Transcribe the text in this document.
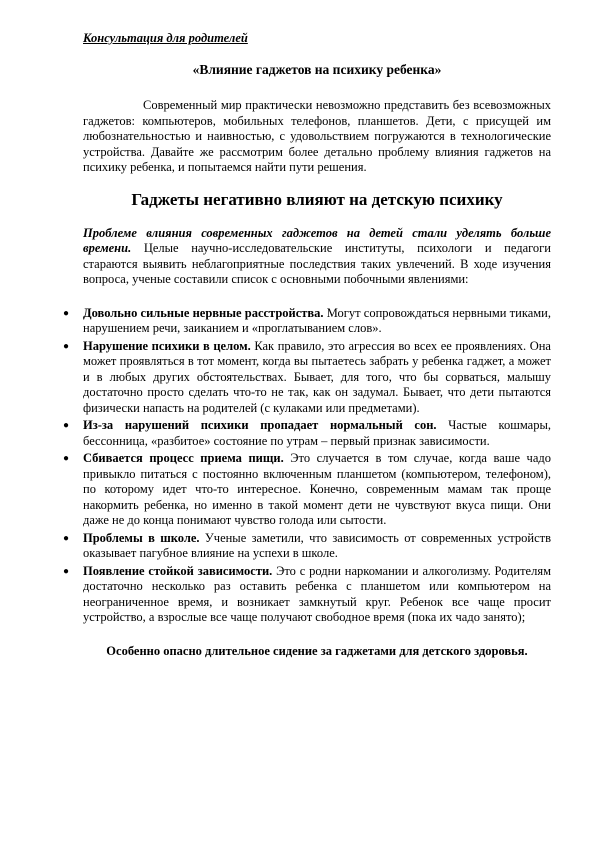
Консультация для родителей
«Влияние гаджетов на психику ребенка»

Современный мир практически невозможно представить без всевозможных гаджетов: компьютеров, мобильных телефонов, планшетов. Дети, с присущей им любознательностью и наивностью, с удовольствием погружаются в технологические устройства. Давайте же рассмотрим более детально проблему влияния гаджетов на психику ребенка, и попытаемся найти пути решения.

Гаджеты негативно влияют на детскую психику

Проблеме влияния современных гаджетов на детей стали уделять больше времени. Целые научно-исследовательские институты, психологи и педагоги стараются выявить неблагоприятные последствия таких увлечений. В ходе изучения вопроса, ученые составили список с основными побочными явлениями:

● Довольно сильные нервные расстройства. Могут сопровождаться нервными тиками, нарушением речи, заиканием и «проглатыванием слов».
● Нарушение психики в целом. Как правило, это агрессия во всех ее проявлениях. Она может проявляться в тот момент, когда вы пытаетесь забрать у ребенка гаджет, а может и в любых других обстоятельствах. Бывает, для того, что бы сорваться, малышу достаточно просто сделать что-то не так, как он задумал. Бывает, что дети пытаются физически напасть на родителей (с кулаками или предметами).
● Из-за нарушений психики пропадает нормальный сон. Частые кошмары, бессонница, «разбитое» состояние по утрам – первый признак зависимости.
● Сбивается процесс приема пищи. Это случается в том случае, когда ваше чадо привыкло питаться с постоянно включенным планшетом (компьютером, телефоном), по которому идет что-то интересное. Конечно, современным мамам так проще накормить ребенка, но именно в такой момент дети не чувствуют вкуса пищи. Они даже не до конца понимают чувство голода или сытости.
● Проблемы в школе. Ученые заметили, что зависимость от современных устройств оказывает пагубное влияние на успехи в школе.
● Появление стойкой зависимости. Это с родни наркомании и алкоголизму. Родителям достаточно несколько раз оставить ребенка с планшетом или компьютером на неограниченное время, и возникает замкнутый круг. Ребенок все чаще просит устройство, а взрослые все чаще получают свободное время (пока их чадо занято);

Особенно опасно длительное сидение за гаджетами для детского здоровья.
